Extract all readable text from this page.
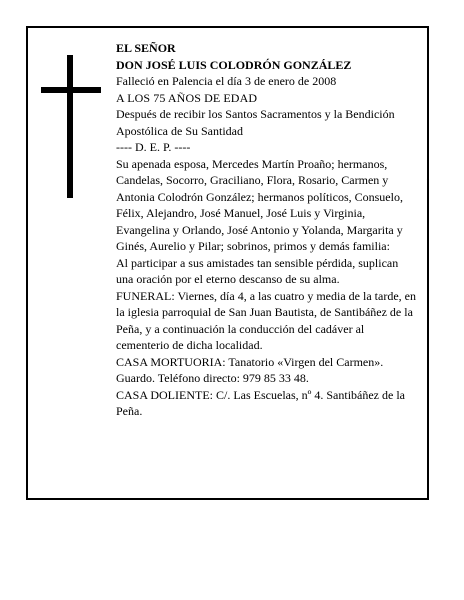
EL SEÑOR

DON JOSÉ LUIS COLODRÓN GONZÁLEZ

Falleció en Palencia el día 3 de enero de 2008

A LOS 75 AÑOS DE EDAD

Después de recibir los Santos Sacramentos y la Bendición Apostólica de Su Santidad

---- D. E. P. ----

Su apenada esposa, Mercedes Martín Proaño; hermanos, Candelas, Socorro, Graciliano, Flora, Rosario, Carmen y Antonia Colodrón González; hermanos políticos, Consuelo, Félix, Alejandro, José Manuel, José Luis y Virginia, Evangelina y Orlando, José Antonio y Yolanda, Margarita y Ginés, Aurelio y Pilar; sobrinos, primos y demás familia:

Al participar a sus amistades tan sensible pérdida, suplican una oración por el eterno descanso de su alma.

FUNERAL: Viernes, día 4, a las cuatro y media de la tarde, en la iglesia parroquial de San Juan Bautista, de Santibáñez de la Peña, y a continuación la conducción del cadáver al cementerio de dicha localidad.

CASA MORTUORIA: Tanatorio «Virgen del Carmen». Guardo. Teléfono directo: 979 85 33 48.

CASA DOLIENTE: C/. Las Escuelas, nº 4. Santibáñez de la Peña.
